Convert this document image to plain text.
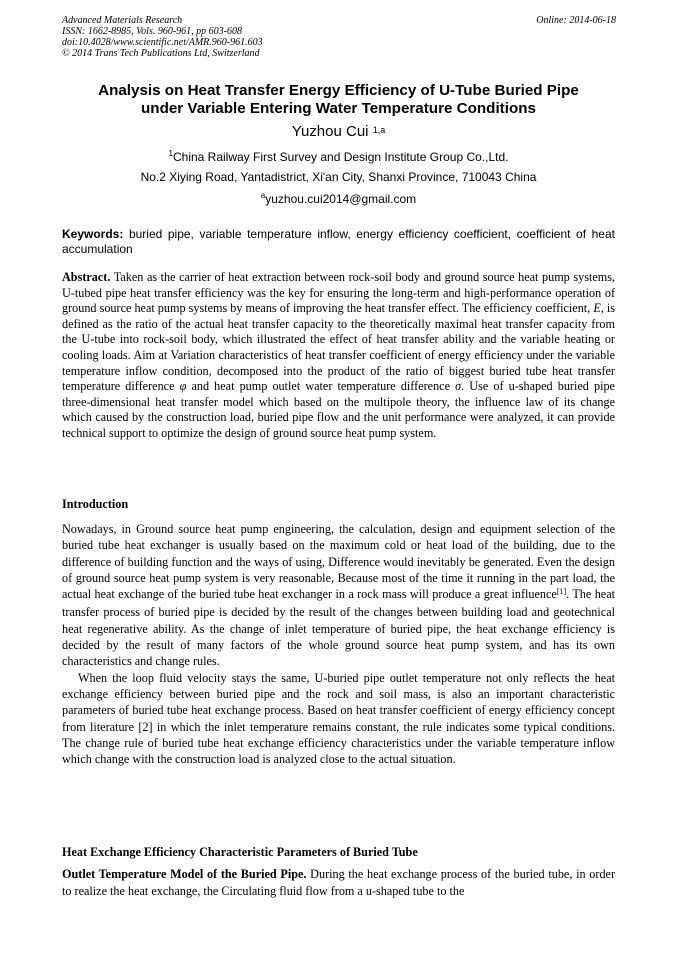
Advanced Materials Research
ISSN: 1662-8985, Vols. 960-961, pp 603-608
doi:10.4028/www.scientific.net/AMR.960-961.603
© 2014 Trans Tech Publications Ltd, Switzerland
Online: 2014-06-18
Analysis on Heat Transfer Energy Efficiency of U-Tube Buried Pipe
under Variable Entering Water Temperature Conditions
Yuzhou Cui $^{1,a}$
$^1$China Railway First Survey and Design Institute Group Co.,Ltd.
No.2 Xiying Road, Yantadistrict, Xi'an City, Shanxi Province, 710043 China
$^a$yuzhou.cui2014@gmail.com
Keywords: buried pipe, variable temperature inflow, energy efficiency coefficient, coefficient of heat accumulation

Abstract. Taken as the carrier of heat extraction between rock-soil body and ground source heat pump systems, U-tubed pipe heat transfer efficiency was the key for ensuring the long-term and high-performance operation of ground source heat pump systems by means of improving the heat transfer effect. The efficiency coefficient, E, is defined as the ratio of the actual heat transfer capacity to the theoretically maximal heat transfer capacity from the U-tube into rock-soil body, which illustrated the effect of heat transfer ability and the variable heating or cooling loads. Aim at Variation characteristics of heat transfer coefficient of energy efficiency under the variable temperature inflow condition, decomposed into the product of the ratio of biggest buried tube heat transfer temperature difference φ and heat pump outlet water temperature difference σ. Use of u-shaped buried pipe three-dimensional heat transfer model which based on the multipole theory, the influence law of its change which caused by the construction load, buried pipe flow and the unit performance were analyzed, it can provide technical support to optimize the design of ground source heat pump system.

Introduction

Nowadays, in Ground source heat pump engineering, the calculation, design and equipment selection of the buried tube heat exchanger is usually based on the maximum cold or heat load of the building, due to the difference of building function and the ways of using, Difference would inevitably be generated. Even the design of ground source heat pump system is very reasonable, Because most of the time it running in the part load, the actual heat exchange of the buried tube heat exchanger in a rock mass will produce a great influence[1]. The heat transfer process of buried pipe is decided by the result of the changes between building load and geotechnical heat regenerative ability. As the change of inlet temperature of buried pipe, the heat exchange efficiency is decided by the result of many factors of the whole ground source heat pump system, and has its own characteristics and change rules.

When the loop fluid velocity stays the same, U-buried pipe outlet temperature not only reflects the heat exchange efficiency between buried pipe and the rock and soil mass, is also an important characteristic parameters of buried tube heat exchange process. Based on heat transfer coefficient of energy efficiency concept from literature [2] in which the inlet temperature remains constant, the rule indicates some typical conditions. The change rule of buried tube heat exchange efficiency characteristics under the variable temperature inflow which change with the construction load is analyzed close to the actual situation.

Heat Exchange Efficiency Characteristic Parameters of Buried Tube
Outlet Temperature Model of the Buried Pipe. During the heat exchange process of the buried tube, in order to realize the heat exchange, the Circulating fluid flow from a u-shaped tube to the
